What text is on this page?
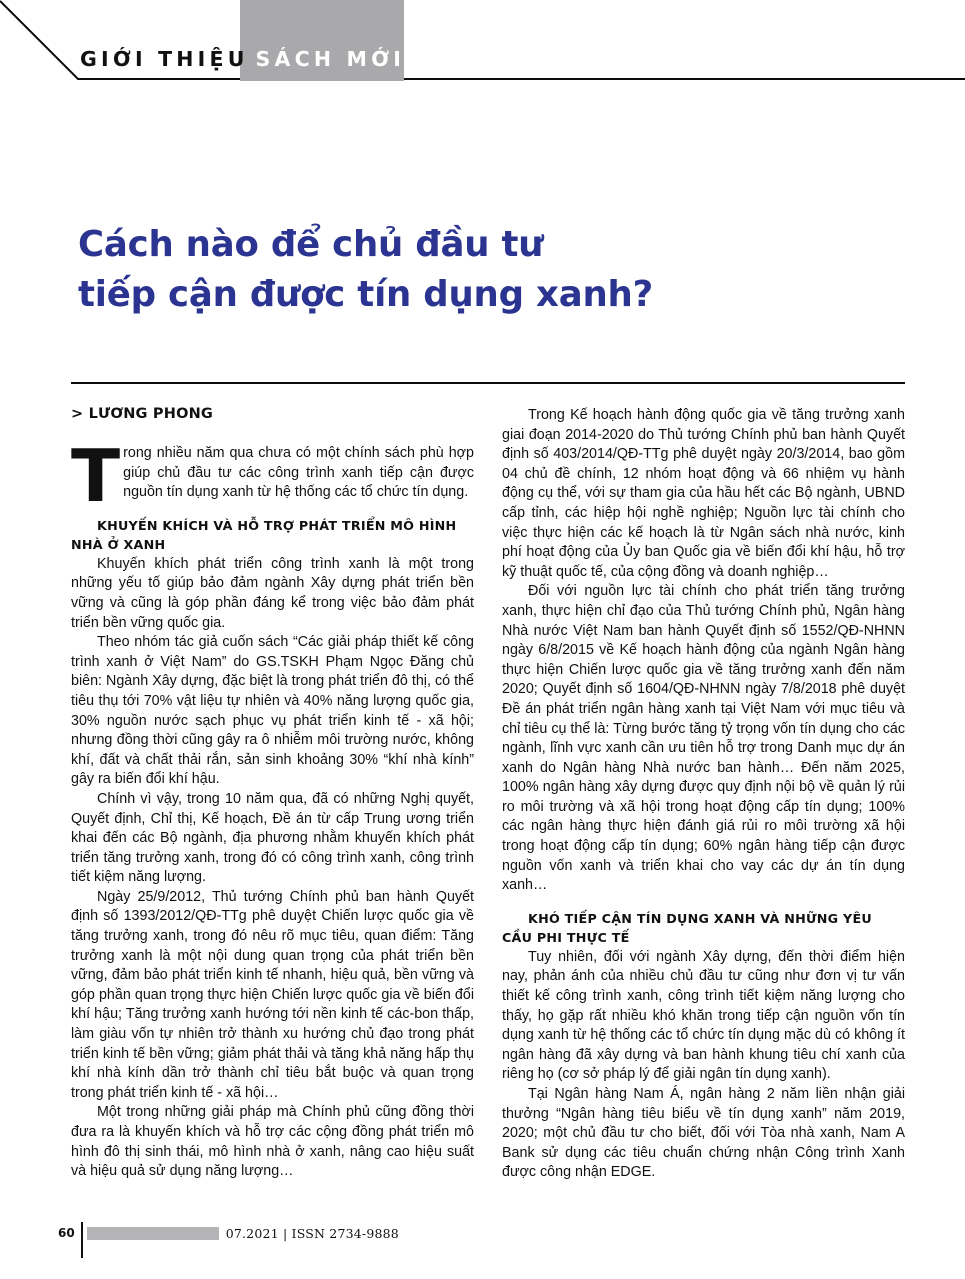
GIỚI THIỆU SÁCH MỚI
Cách nào để chủ đầu tư
tiếp cận được tín dụng xanh?
> LƯƠNG PHONG

Trong nhiều năm qua chưa có một chính sách phù hợp giúp chủ đầu tư các công trình xanh tiếp cận được nguồn tín dụng xanh từ hệ thống các tổ chức tín dụng.

KHUYẾN KHÍCH VÀ HỖ TRỢ PHÁT TRIỂN MÔ HÌNH NHÀ Ở XANH

Khuyến khích phát triển công trình xanh là một trong những yếu tố giúp bảo đảm ngành Xây dựng phát triển bền vững và cũng là góp phần đáng kể trong việc bảo đảm phát triển bền vững quốc gia.

Theo nhóm tác giả cuốn sách “Các giải pháp thiết kế công trình xanh ở Việt Nam” do GS.TSKH Phạm Ngọc Đăng chủ biên: Ngành Xây dựng, đặc biệt là trong phát triển đô thị, có thể tiêu thụ tới 70% vật liệu tự nhiên và 40% năng lượng quốc gia, 30% nguồn nước sạch phục vụ phát triển kinh tế - xã hội; nhưng đồng thời cũng gây ra ô nhiễm môi trường nước, không khí, đất và chất thải rắn, sản sinh khoảng 30% “khí nhà kính” gây ra biến đổi khí hậu.

Chính vì vậy, trong 10 năm qua, đã có những Nghị quyết, Quyết định, Chỉ thị, Kế hoạch, Đề án từ cấp Trung ương triển khai đến các Bộ ngành, địa phương nhằm khuyến khích phát triển tăng trưởng xanh, trong đó có công trình xanh, công trình tiết kiệm năng lượng.

Ngày 25/9/2012, Thủ tướng Chính phủ ban hành Quyết định số 1393/2012/QĐ-TTg phê duyệt Chiến lược quốc gia về tăng trưởng xanh, trong đó nêu rõ mục tiêu, quan điểm: Tăng trưởng xanh là một nội dung quan trọng của phát triển bền vững, đảm bảo phát triển kinh tế nhanh, hiệu quả, bền vững và góp phần quan trọng thực hiện Chiến lược quốc gia về biến đổi khí hậu; Tăng trưởng xanh hướng tới nền kinh tế các-bon thấp, làm giàu vốn tự nhiên trở thành xu hướng chủ đạo trong phát triển kinh tế bền vững; giảm phát thải và tăng khả năng hấp thụ khí nhà kính dần trở thành chỉ tiêu bắt buộc và quan trọng trong phát triển kinh tế - xã hội…

Một trong những giải pháp mà Chính phủ cũng đồng thời đưa ra là khuyến khích và hỗ trợ các cộng đồng phát triển mô hình đô thị sinh thái, mô hình nhà ở xanh, nâng cao hiệu suất và hiệu quả sử dụng năng lượng…

Trong Kế hoạch hành động quốc gia về tăng trưởng xanh giai đoạn 2014-2020 do Thủ tướng Chính phủ ban hành Quyết định số 403/2014/QĐ-TTg phê duyệt ngày 20/3/2014, bao gồm 04 chủ đề chính, 12 nhóm hoạt động và 66 nhiệm vụ hành động cụ thể, với sự tham gia của hầu hết các Bộ ngành, UBND cấp tỉnh, các hiệp hội nghề nghiệp; Nguồn lực tài chính cho việc thực hiện các kế hoạch là từ Ngân sách nhà nước, kinh phí hoạt động của Ủy ban Quốc gia về biến đổi khí hậu, hỗ trợ kỹ thuật quốc tế, của cộng đồng và doanh nghiệp…

Đối với nguồn lực tài chính cho phát triển tăng trưởng xanh, thực hiện chỉ đạo của Thủ tướng Chính phủ, Ngân hàng Nhà nước Việt Nam ban hành Quyết định số 1552/QĐ-NHNN ngày 6/8/2015 về Kế hoạch hành động của ngành Ngân hàng thực hiện Chiến lược quốc gia về tăng trưởng xanh đến năm 2020; Quyết định số 1604/QĐ-NHNN ngày 7/8/2018 phê duyệt Đề án phát triển ngân hàng xanh tại Việt Nam với mục tiêu và chỉ tiêu cụ thể là: Từng bước tăng tỷ trọng vốn tín dụng cho các ngành, lĩnh vực xanh cần ưu tiên hỗ trợ trong Danh mục dự án xanh do Ngân hàng Nhà nước ban hành… Đến năm 2025, 100% ngân hàng xây dựng được quy định nội bộ về quản lý rủi ro môi trường và xã hội trong hoạt động cấp tín dụng; 100% các ngân hàng thực hiện đánh giá rủi ro môi trường xã hội trong hoạt động cấp tín dụng; 60% ngân hàng tiếp cận được nguồn vốn xanh và triển khai cho vay các dự án tín dụng xanh…

KHÓ TIẾP CẬN TÍN DỤNG XANH VÀ NHỮNG YÊU CẦU PHI THỰC TẾ

Tuy nhiên, đối với ngành Xây dựng, đến thời điểm hiện nay, phản ánh của nhiều chủ đầu tư cũng như đơn vị tư vấn thiết kế công trình xanh, công trình tiết kiệm năng lượng cho thấy, họ gặp rất nhiều khó khăn trong tiếp cận nguồn vốn tín dụng xanh từ hệ thống các tổ chức tín dụng mặc dù có không ít ngân hàng đã xây dựng và ban hành khung tiêu chí xanh của riêng họ (cơ sở pháp lý để giải ngân tín dụng xanh).

Tại Ngân hàng Nam Á, ngân hàng 2 năm liền nhận giải thưởng “Ngân hàng tiêu biểu về tín dụng xanh” năm 2019, 2020; một chủ đầu tư cho biết, đối với Tòa nhà xanh, Nam A Bank sử dụng các tiêu chuẩn chứng nhận Công trình Xanh được công nhận EDGE.

60	07.2021 | ISSN 2734-9888
